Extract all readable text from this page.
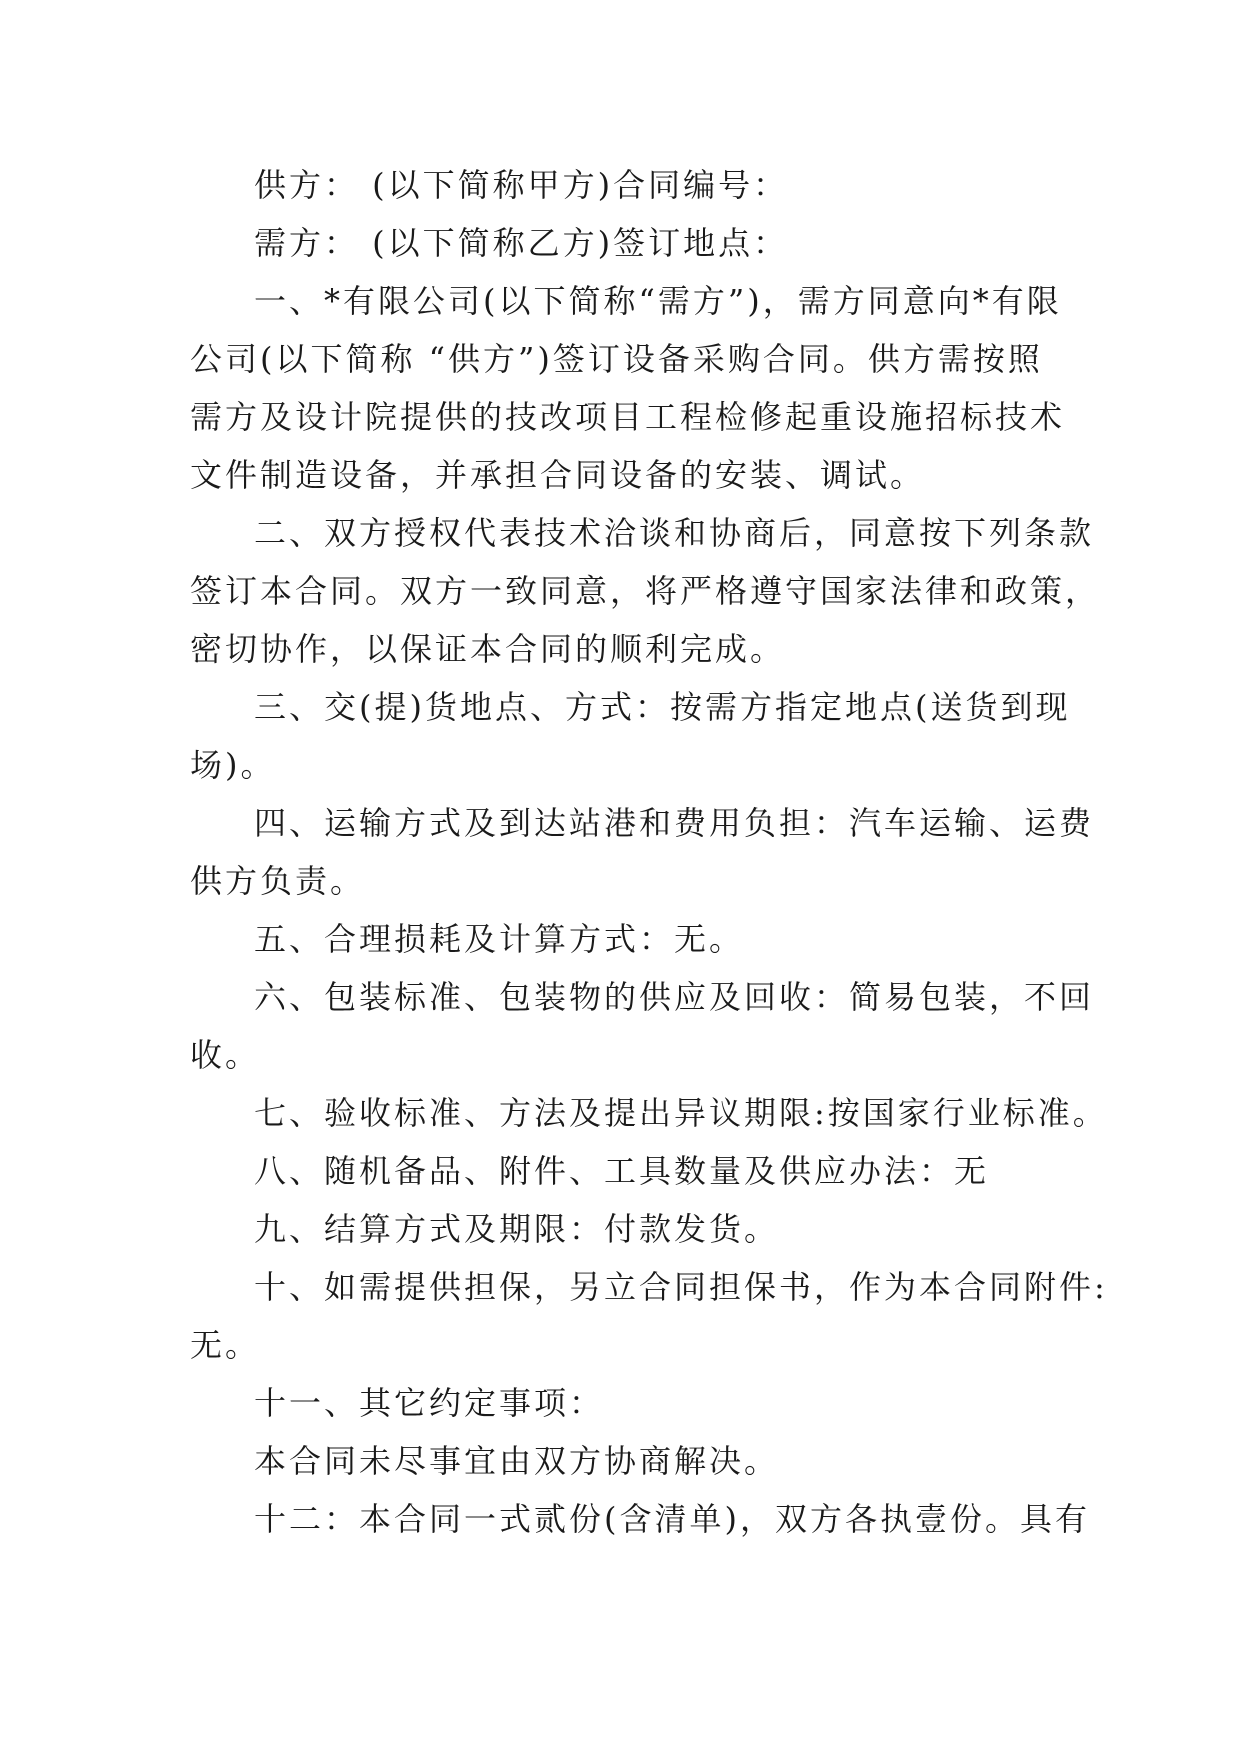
供方： (以下简称甲方)合同编号：
需方： (以下简称乙方)签订地点：
一、*有限公司(以下简称“需方”)，需方同意向*有限
公司(以下简称 “供方”)签订设备采购合同。供方需按照
需方及设计院提供的技改项目工程检修起重设施招标技术
文件制造设备，并承担合同设备的安装、调试。
二、双方授权代表技术洽谈和协商后，同意按下列条款
签订本合同。双方一致同意，将严格遵守国家法律和政策，
密切协作，以保证本合同的顺利完成。
三、交(提)货地点、方式：按需方指定地点(送货到现
场)。
四、运输方式及到达站港和费用负担：汽车运输、运费
供方负责。
五、合理损耗及计算方式：无。
六、包装标准、包装物的供应及回收：简易包装，不回
收。
七、验收标准、方法及提出异议期限:按国家行业标准。
八、随机备品、附件、工具数量及供应办法：无
九、结算方式及期限：付款发货。
十、如需提供担保，另立合同担保书，作为本合同附件:
无。
十一、其它约定事项：
本合同未尽事宜由双方协商解决。
十二：本合同一式贰份(含清单)，双方各执壹份。具有
